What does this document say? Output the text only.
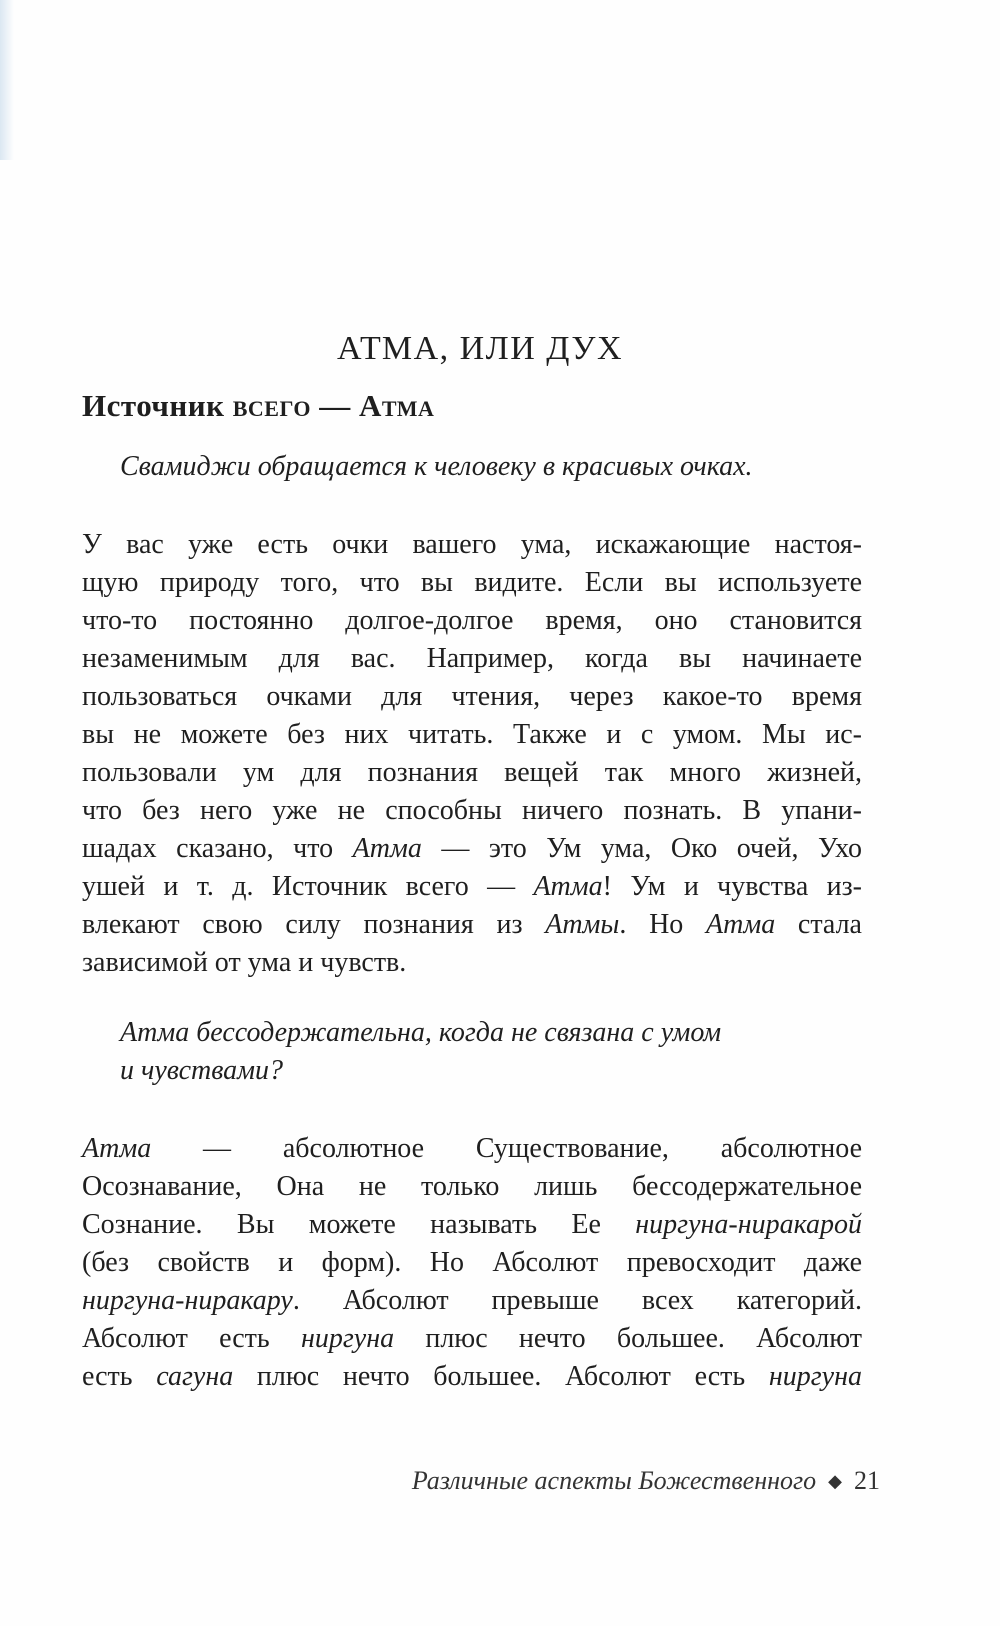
АТМА, ИЛИ ДУХ
Источник всего — Атма

Свамиджи обращается к человеку в красивых очках.

У вас уже есть очки вашего ума, искажающие настоя-
щую природу того, что вы видите. Если вы используете
что-то постоянно долгое-долгое время, оно становится
незаменимым для вас. Например, когда вы начинаете
пользоваться очками для чтения, через какое-то время
вы не можете без них читать. Также и с умом. Мы ис-
пользовали ум для познания вещей так много жизней,
что без него уже не способны ничего познать. В упани-
шадах сказано, что Атма — это Ум ума, Око очей, Ухо
ушей и т. д. Источник всего — Атма! Ум и чувства из-
влекают свою силу познания из Атмы. Но Атма стала
зависимой от ума и чувств.
Атма бессодержательна, когда не связана с умом
и чувствами?
Атма — абсолютное Существование, абсолютное
Осознавание, Она не только лишь бессодержательное
Сознание. Вы можете называть Ее ниргуна-ниракарой
(без свойств и форм). Но Абсолют превосходит даже
ниргуна-ниракару. Абсолют превыше всех категорий.
Абсолют есть ниргуна плюс нечто большее. Абсолют
есть сагуна плюс нечто большее. Абсолют есть ниргуна
Различные аспекты Божественного ◆ 21
